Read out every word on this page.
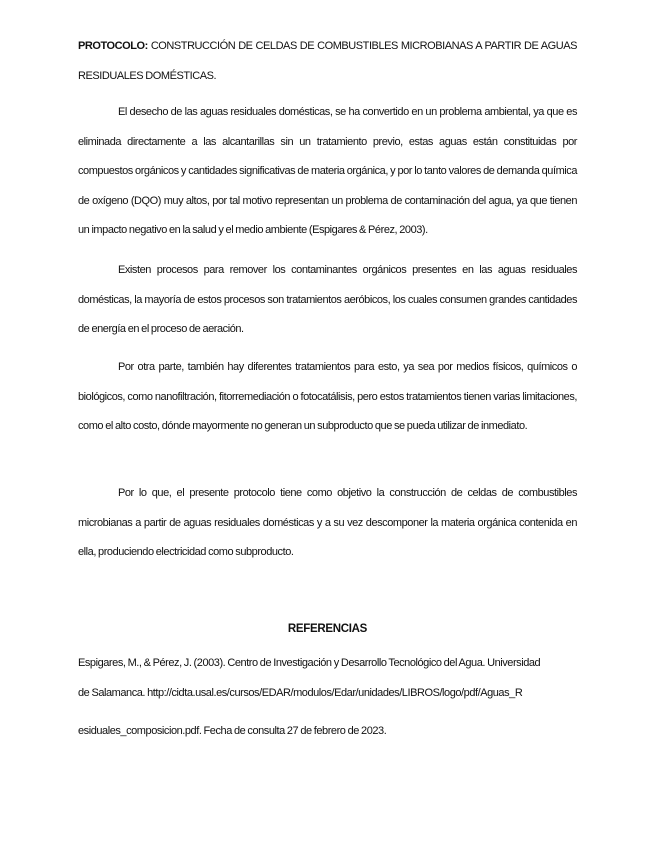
PROTOCOLO: CONSTRUCCIÓN DE CELDAS DE COMBUSTIBLES MICROBIANAS A PARTIR DE AGUAS RESIDUALES DOMÉSTICAS.

El desecho de las aguas residuales domésticas, se ha convertido en un problema ambiental, ya que es eliminada directamente a las alcantarillas sin un tratamiento previo, estas aguas están constituidas por compuestos orgánicos y cantidades significativas de materia orgánica, y por lo tanto valores de demanda química de oxígeno (DQO) muy altos, por tal motivo representan un problema de contaminación del agua, ya que tienen un impacto negativo en la salud y el medio ambiente (Espigares & Pérez, 2003).

Existen procesos para remover los contaminantes orgánicos presentes en las aguas residuales domésticas, la mayoría de estos procesos son tratamientos aeróbicos, los cuales consumen grandes cantidades de energía en el proceso de aeración.

Por otra parte, también hay diferentes tratamientos para esto, ya sea por medios físicos, químicos o biológicos, como nanofiltración, fitorremediación o fotocatálisis, pero estos tratamientos tienen varias limitaciones, como el alto costo, dónde mayormente no generan un subproducto que se pueda utilizar de inmediato.

Por lo que, el presente protocolo tiene como objetivo la construcción de celdas de combustibles microbianas a partir de aguas residuales domésticas y a su vez descomponer la materia orgánica contenida en ella, produciendo electricidad como subproducto.

REFERENCIAS
Espigares, M., & Pérez, J. (2003). Centro de Investigación y Desarrollo Tecnológico del Agua. Universidad
de Salamanca. http://cidta.usal.es/cursos/EDAR/modulos/Edar/unidades/LIBROS/logo/pdf/Aguas_R
esiduales_composicion.pdf. Fecha de consulta 27 de febrero de 2023.
